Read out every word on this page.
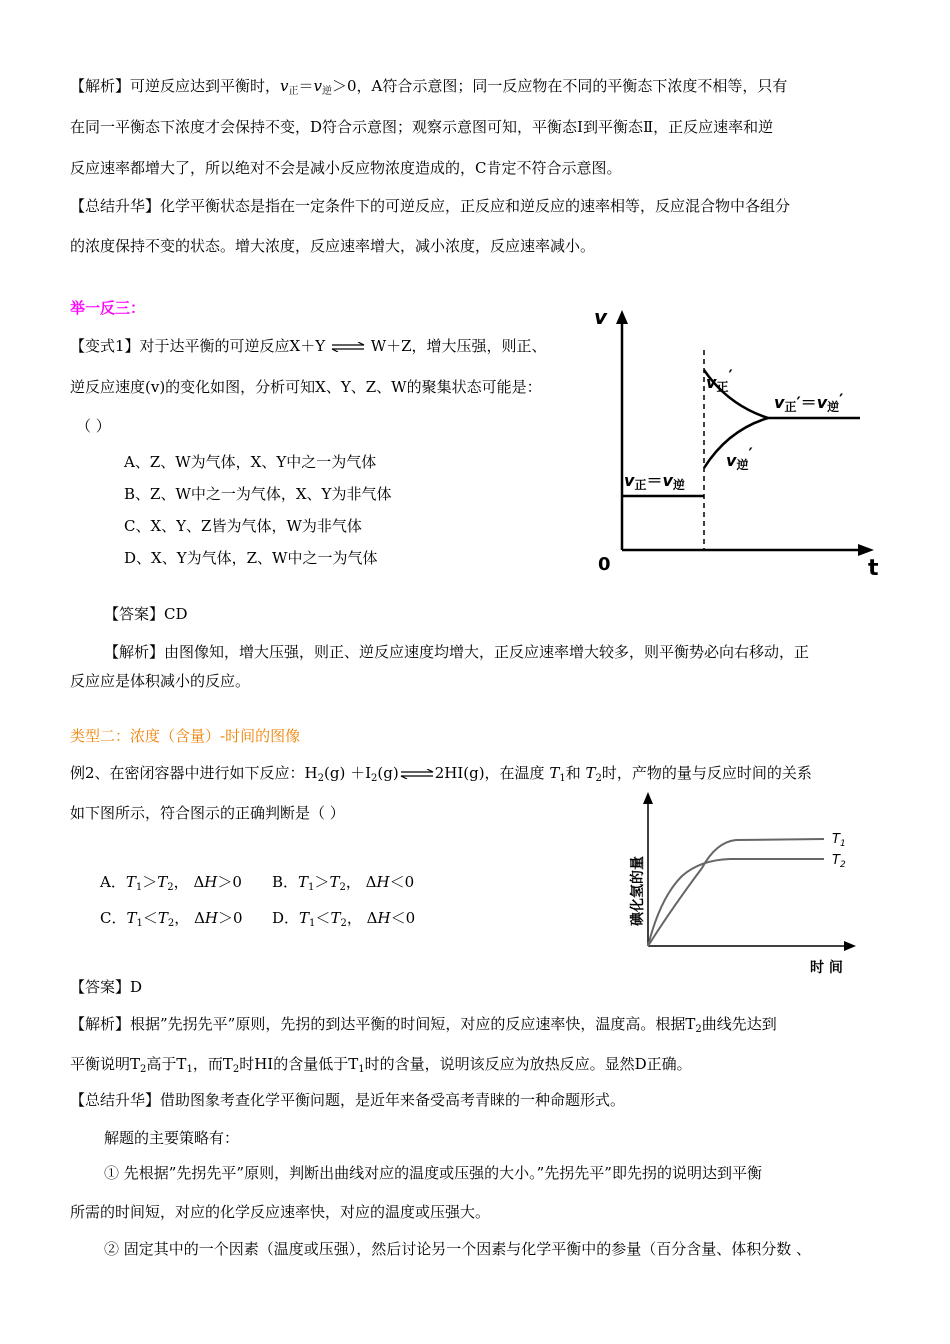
【解析】可逆反应达到平衡时，$v_正=v_逆>0$，A符合示意图；同一反应物在不同的平衡态下浓度不相等，只有
在同一平衡态下浓度才会保持不变，D符合示意图；观察示意图可知，平衡态Ⅰ到平衡态Ⅱ，正反应速率和逆
反应速率都增大了，所以绝对不会是减小反应物浓度造成的，C肯定不符合示意图。
【总结升华】化学平衡状态是指在一定条件下的可逆反应，正反应和逆反应的速率相等，反应混合物中各组分
的浓度保持不变的状态。增大浓度，反应速率增大，减小浓度，反应速率减小。
举一反三：
【变式1】对于达平衡的可逆反应X＋Y ⇌ W＋Z，增大压强，则正、
逆反应速度(v)的变化如图，分析可知X、Y、Z、W的聚集状态可能是：
（ ）
A、Z、W为气体，X、Y中之一为气体
B、Z、W中之一为气体，X、Y为非气体
C、X、Y、Z皆为气体，W为非气体
D、X、Y为气体，Z、W中之一为气体
【答案】CD
【解析】由图像知，增大压强，则正、逆反应速度均增大，正反应速率增大较多，则平衡势必向右移动，正
反应应是体积减小的反应。
v
t
0
v正＝v逆
v正′
v逆′
v正′＝v逆′
类型二：浓度（含量）-时间的图像
例2、在密闭容器中进行如下反应：$H_2(g)$ $+I_2(g)\rightleftharpoons 2HI(g)$，在温度 $T_1$和 $T_2$时，产物的量与反应时间的关系
如下图所示，符合图示的正确判断是（ ）
A．$T_1>T_2$， ΔH＞0 B．$T_1>T_2$， ΔH＜0
C．$T_1<T_2$， ΔH＞0 D．$T_1<T_2$， ΔH＜0	碘化氢的量
时 间
$T_1$
$T_2$
【答案】D
【解析】根据”先拐先平”原则，先拐的到达平衡的时间短，对应的反应速率快，温度高。根据$T_2$曲线先达到
平衡说明$T_2$高于$T_1$，而$T_2$时HI的含量低于$T_1$时的含量，说明该反应为放热反应。显然D正确。
【总结升华】借助图象考查化学平衡问题，是近年来备受高考青睐的一种命题形式。
解题的主要策略有：
① 先根据”先拐先平”原则，判断出曲线对应的温度或压强的大小。”先拐先平”即先拐的说明达到平衡
所需的时间短，对应的化学反应速率快，对应的温度或压强大。
② 固定其中的一个因素（温度或压强），然后讨论另一个因素与化学平衡中的参量（百分含量、体积分数 、
